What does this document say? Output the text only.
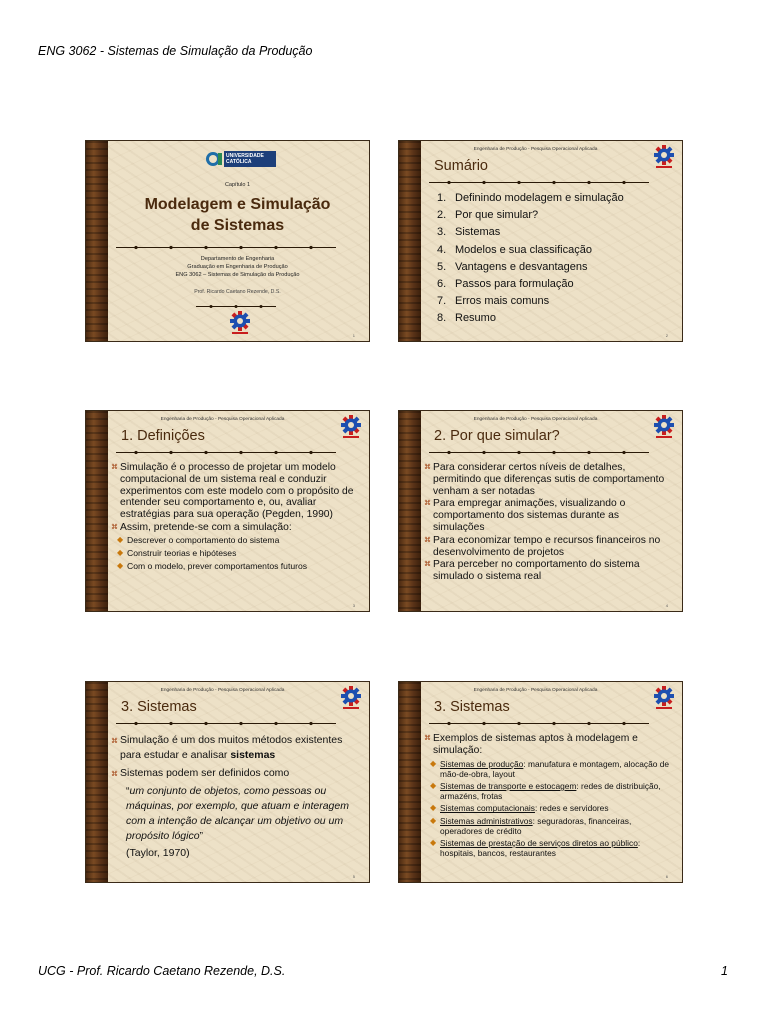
ENG 3062 - Sistemas de Simulação da Produção
UNIVERSIDADE CATÓLICA
Capítulo 1
Modelagem e Simulação
de Sistemas
Departamento de Engenharia
Graduação em Engenharia de Produção
ENG 3062 – Sistemas de Simulação da Produção
Prof. Ricardo Caetano Rezende, D.S.
1
Engenharia de Produção - Pesquisa Operacional Aplicada
Sumário
1. Definindo modelagem e simulação
2. Por que simular?
3. Sistemas
4. Modelos e sua classificação
5. Vantagens e desvantagens
6. Passos para formulação
7. Erros mais comuns
8. Resumo
2
Engenharia de Produção - Pesquisa Operacional Aplicada
1. Definições
⌘ Simulação é o processo de projetar um modelo computacional de um sistema real e conduzir experimentos com este modelo com o propósito de entender seu comportamento e, ou, avaliar estratégias para sua operação (Pegden, 1990)
⌘ Assim, pretende-se com a simulação:
◆ Descrever o comportamento do sistema
◆ Construir teorias e hipóteses
◆ Com o modelo, prever comportamentos futuros
3
Engenharia de Produção - Pesquisa Operacional Aplicada
2. Por que simular?
⌘ Para considerar certos níveis de detalhes, permitindo que diferenças sutis de comportamento venham a ser notadas
⌘ Para empregar animações, visualizando o comportamento dos sistemas durante as simulações
⌘ Para economizar tempo e recursos financeiros no desenvolvimento de projetos
⌘ Para perceber no comportamento do sistema simulado o sistema real
4
Engenharia de Produção - Pesquisa Operacional Aplicada
3. Sistemas
⌘ Simulação é um dos muitos métodos existentes para estudar e analisar sistemas
⌘ Sistemas podem ser definidos como
“um conjunto de objetos, como pessoas ou máquinas, por exemplo, que atuam e interagem com a intenção de alcançar um objetivo ou um propósito lógico”
(Taylor, 1970)
5
Engenharia de Produção - Pesquisa Operacional Aplicada
3. Sistemas
⌘ Exemplos de sistemas aptos à modelagem e simulação:
◆ Sistemas de produção: manufatura e montagem, alocação de mão-de-obra, layout
◆ Sistemas de transporte e estocagem: redes de distribuição, armazéns, frotas
◆ Sistemas computacionais: redes e servidores
◆ Sistemas administrativos: seguradoras, financeiras, operadores de crédito
◆ Sistemas de prestação de serviços diretos ao público: hospitais, bancos, restaurantes
6
UCG - Prof. Ricardo Caetano Rezende, D.S.	1
